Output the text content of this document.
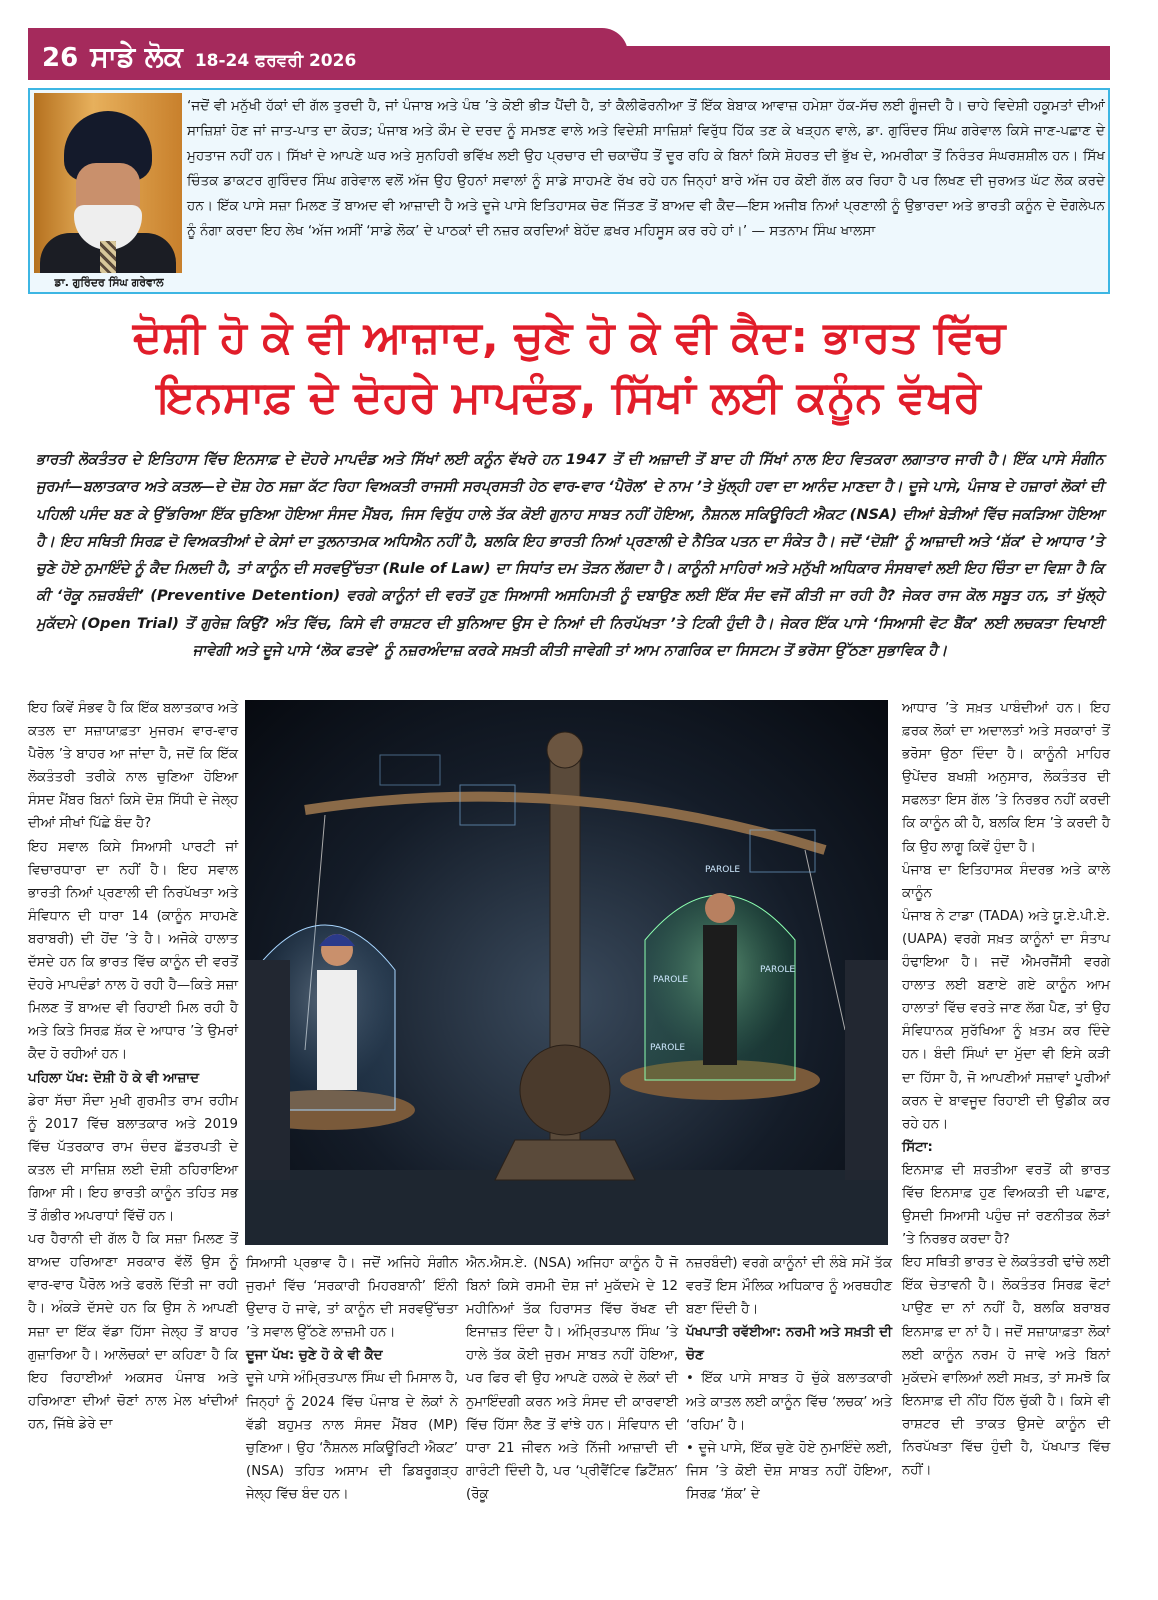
26 ਸਾਡੇ ਲੋਕ 18-24 ਫਰਵਰੀ 2026
ਡਾ. ਗੁਰਿੰਦਰ ਸਿੰਘ ਗਰੇਵਾਲ
‘ਜਦੋਂ ਵੀ ਮਨੁੱਖੀ ਹੱਕਾਂ ਦੀ ਗੱਲ ਤੁਰਦੀ ਹੈ, ਜਾਂ ਪੰਜਾਬ ਅਤੇ ਪੰਥ ’ਤੇ ਕੋਈ ਭੀੜ ਪੈਂਦੀ ਹੈ, ਤਾਂ ਕੈਲੀਫੋਰਨੀਆ ਤੋਂ ਇੱਕ ਬੇਬਾਕ ਆਵਾਜ਼ ਹਮੇਸ਼ਾ ਹੱਕ-ਸੱਚ ਲਈ ਗੂੰਜਦੀ ਹੈ। ਚਾਹੇ ਵਿਦੇਸ਼ੀ ਹਕੂਮਤਾਂ ਦੀਆਂ ਸਾਜ਼ਿਸ਼ਾਂ ਹੋਣ ਜਾਂ ਜਾਤ-ਪਾਤ ਦਾ ਕੋਹੜ; ਪੰਜਾਬ ਅਤੇ ਕੌਮ ਦੇ ਦਰਦ ਨੂੰ ਸਮਝਣ ਵਾਲੇ ਅਤੇ ਵਿਦੇਸ਼ੀ ਸਾਜ਼ਿਸ਼ਾਂ ਵਿਰੁੱਧ ਹਿੱਕ ਤਣ ਕੇ ਖੜ੍ਹਨ ਵਾਲੇ, ਡਾ. ਗੁਰਿੰਦਰ ਸਿੰਘ ਗਰੇਵਾਲ ਕਿਸੇ ਜਾਣ-ਪਛਾਣ ਦੇ ਮੁਹਤਾਜ ਨਹੀਂ ਹਨ। ਸਿੱਖਾਂ ਦੇ ਆਪਣੇ ਘਰ ਅਤੇ ਸੁਨਹਿਰੀ ਭਵਿੱਖ ਲਈ ਉਹ ਪ੍ਰਚਾਰ ਦੀ ਚਕਾਚੌਂਧ ਤੋਂ ਦੂਰ ਰਹਿ ਕੇ ਬਿਨਾਂ ਕਿਸੇ ਸ਼ੋਹਰਤ ਦੀ ਭੁੱਖ ਦੇ, ਅਮਰੀਕਾ ਤੋਂ ਨਿਰੰਤਰ ਸੰਘਰਸ਼ਸ਼ੀਲ ਹਨ। ਸਿੱਖ ਚਿੰਤਕ ਡਾਕਟਰ ਗੁਰਿੰਦਰ ਸਿੰਘ ਗਰੇਵਾਲ ਵਲੋਂ ਅੱਜ ਉਹ ਉਹਨਾਂ ਸਵਾਲਾਂ ਨੂੰ ਸਾਡੇ ਸਾਹਮਣੇ ਰੱਖ ਰਹੇ ਹਨ ਜਿਨ੍ਹਾਂ ਬਾਰੇ ਅੱਜ ਹਰ ਕੋਈ ਗੱਲ ਕਰ ਰਿਹਾ ਹੈ ਪਰ ਲਿਖਣ ਦੀ ਜੁਰਅਤ ਘੱਟ ਲੋਕ ਕਰਦੇ ਹਨ। ਇੱਕ ਪਾਸੇ ਸਜ਼ਾ ਮਿਲਣ ਤੋਂ ਬਾਅਦ ਵੀ ਆਜ਼ਾਦੀ ਹੈ ਅਤੇ ਦੂਜੇ ਪਾਸੇ ਇਤਿਹਾਸਕ ਚੋਣ ਜਿੱਤਣ ਤੋਂ ਬਾਅਦ ਵੀ ਕੈਦ—ਇਸ ਅਜੀਬ ਨਿਆਂ ਪ੍ਰਣਾਲੀ ਨੂੰ ਉਭਾਰਦਾ ਅਤੇ ਭਾਰਤੀ ਕਨੂੰਨ ਦੇ ਦੋਗਲੇਪਨ ਨੂੰ ਨੰਗਾ ਕਰਦਾ ਇਹ ਲੇਖ ‘ਅੱਜ ਅਸੀਂ ‘ਸਾਡੇ ਲੋਕ’ ਦੇ ਪਾਠਕਾਂ ਦੀ ਨਜ਼ਰ ਕਰਦਿਆਂ ਬੇਹੱਦ ਫ਼ਖਰ ਮਹਿਸੂਸ ਕਰ ਰਹੇ ਹਾਂ।’ — ਸਤਨਾਮ ਸਿੰਘ ਖਾਲਸਾ
ਦੋਸ਼ੀ ਹੋ ਕੇ ਵੀ ਆਜ਼ਾਦ, ਚੁਣੇ ਹੋ ਕੇ ਵੀ ਕੈਦ: ਭਾਰਤ ਵਿੱਚ
ਇਨਸਾਫ਼ ਦੇ ਦੋਹਰੇ ਮਾਪਦੰਡ, ਸਿੱਖਾਂ ਲਈ ਕਨੂੰਨ ਵੱਖਰੇ
ਭਾਰਤੀ ਲੋਕਤੰਤਰ ਦੇ ਇਤਿਹਾਸ ਵਿੱਚ ਇਨਸਾਫ਼ ਦੇ ਦੋਹਰੇ ਮਾਪਦੰਡ ਅਤੇ ਸਿੱਖਾਂ ਲਈ ਕਨੂੰਨ ਵੱਖਰੇ ਹਨ 1947 ਤੋਂ ਦੀ ਅਜ਼ਾਦੀ ਤੋਂ ਬਾਦ ਹੀ ਸਿੱਖਾਂ ਨਾਲ ਇਹ ਵਿਤਕਰਾ ਲਗਾਤਾਰ ਜਾਰੀ ਹੈ। ਇੱਕ ਪਾਸੇ ਸੰਗੀਨ ਜੁਰਮਾਂ—ਬਲਾਤਕਾਰ ਅਤੇ ਕਤਲ—ਦੇ ਦੋਸ਼ ਹੇਠ ਸਜ਼ਾ ਕੱਟ ਰਿਹਾ ਵਿਅਕਤੀ ਰਾਜਸੀ ਸਰਪ੍ਰਸਤੀ ਹੇਠ ਵਾਰ-ਵਾਰ ‘ਪੈਰੋਲ’ ਦੇ ਨਾਮ ’ਤੇ ਖੁੱਲ੍ਹੀ ਹਵਾ ਦਾ ਆਨੰਦ ਮਾਣਦਾ ਹੈ। ਦੂਜੇ ਪਾਸੇ, ਪੰਜਾਬ ਦੇ ਹਜ਼ਾਰਾਂ ਲੋਕਾਂ ਦੀ ਪਹਿਲੀ ਪਸੰਦ ਬਣ ਕੇ ਉੱਭਰਿਆ ਇੱਕ ਚੁਣਿਆ ਹੋਇਆ ਸੰਸਦ ਮੈਂਬਰ, ਜਿਸ ਵਿਰੁੱਧ ਹਾਲੇ ਤੱਕ ਕੋਈ ਗੁਨਾਹ ਸਾਬਤ ਨਹੀਂ ਹੋਇਆ, ਨੈਸ਼ਨਲ ਸਕਿਊਰਿਟੀ ਐਕਟ (NSA) ਦੀਆਂ ਬੇੜੀਆਂ ਵਿੱਚ ਜਕੜਿਆ ਹੋਇਆ ਹੈ। ਇਹ ਸਥਿਤੀ ਸਿਰਫ਼ ਦੋ ਵਿਅਕਤੀਆਂ ਦੇ ਕੇਸਾਂ ਦਾ ਤੁਲਨਾਤਮਕ ਅਧਿਐਨ ਨਹੀਂ ਹੈ, ਬਲਕਿ ਇਹ ਭਾਰਤੀ ਨਿਆਂ ਪ੍ਰਣਾਲੀ ਦੇ ਨੈਤਿਕ ਪਤਨ ਦਾ ਸੰਕੇਤ ਹੈ। ਜਦੋਂ ‘ਦੋਸ਼ੀ’ ਨੂੰ ਆਜ਼ਾਦੀ ਅਤੇ ‘ਸ਼ੱਕ’ ਦੇ ਆਧਾਰ ’ਤੇ ਚੁਣੇ ਹੋਏ ਨੁਮਾਇੰਦੇ ਨੂੰ ਕੈਦ ਮਿਲਦੀ ਹੈ, ਤਾਂ ਕਾਨੂੰਨ ਦੀ ਸਰਵਉੱਚਤਾ (Rule of Law) ਦਾ ਸਿਧਾਂਤ ਦਮ ਤੋੜਨ ਲੱਗਦਾ ਹੈ। ਕਾਨੂੰਨੀ ਮਾਹਿਰਾਂ ਅਤੇ ਮਨੁੱਖੀ ਅਧਿਕਾਰ ਸੰਸਥਾਵਾਂ ਲਈ ਇਹ ਚਿੰਤਾ ਦਾ ਵਿਸ਼ਾ ਹੈ ਕਿ ਕੀ ‘ਰੋਕੂ ਨਜ਼ਰਬੰਦੀ’ (Preventive Detention) ਵਰਗੇ ਕਾਨੂੰਨਾਂ ਦੀ ਵਰਤੋਂ ਹੁਣ ਸਿਆਸੀ ਅਸਹਿਮਤੀ ਨੂੰ ਦਬਾਉਣ ਲਈ ਇੱਕ ਸੰਦ ਵਜੋਂ ਕੀਤੀ ਜਾ ਰਹੀ ਹੈ? ਜੇਕਰ ਰਾਜ ਕੋਲ ਸਬੂਤ ਹਨ, ਤਾਂ ਖੁੱਲ੍ਹੇ ਮੁਕੱਦਮੇ (Open Trial) ਤੋਂ ਗੁਰੇਜ਼ ਕਿਉਂ? ਅੰਤ ਵਿੱਚ, ਕਿਸੇ ਵੀ ਰਾਸ਼ਟਰ ਦੀ ਬੁਨਿਆਦ ਉਸ ਦੇ ਨਿਆਂ ਦੀ ਨਿਰਪੱਖਤਾ ’ਤੇ ਟਿਕੀ ਹੁੰਦੀ ਹੈ। ਜੇਕਰ ਇੱਕ ਪਾਸੇ ‘ਸਿਆਸੀ ਵੋਟ ਬੈਂਕ’ ਲਈ ਲਚਕਤਾ ਦਿਖਾਈ ਜਾਵੇਗੀ ਅਤੇ ਦੂਜੇ ਪਾਸੇ ‘ਲੋਕ ਫਤਵੇ’ ਨੂੰ ਨਜ਼ਰਅੰਦਾਜ਼ ਕਰਕੇ ਸਖ਼ਤੀ ਕੀਤੀ ਜਾਵੇਗੀ ਤਾਂ ਆਮ ਨਾਗਰਿਕ ਦਾ ਸਿਸਟਮ ਤੋਂ ਭਰੋਸਾ ਉੱਠਣਾ ਸੁਭਾਵਿਕ ਹੈ।

ਇਹ ਕਿਵੇਂ ਸੰਭਵ ਹੈ ਕਿ ਇੱਕ ਬਲਾਤਕਾਰ ਅਤੇ ਕਤਲ ਦਾ ਸਜ਼ਾਯਾਫ਼ਤਾ ਮੁਜਰਮ ਵਾਰ-ਵਾਰ ਪੈਰੋਲ ’ਤੇ ਬਾਹਰ ਆ ਜਾਂਦਾ ਹੈ, ਜਦੋਂ ਕਿ ਇੱਕ ਲੋਕਤੰਤਰੀ ਤਰੀਕੇ ਨਾਲ ਚੁਣਿਆ ਹੋਇਆ ਸੰਸਦ ਮੈਂਬਰ ਬਿਨਾਂ ਕਿਸੇ ਦੋਸ਼ ਸਿੱਧੀ ਦੇ ਜੇਲ੍ਹ ਦੀਆਂ ਸੀਖਾਂ ਪਿੱਛੇ ਬੰਦ ਹੈ?

ਇਹ ਸਵਾਲ ਕਿਸੇ ਸਿਆਸੀ ਪਾਰਟੀ ਜਾਂ ਵਿਚਾਰਧਾਰਾ ਦਾ ਨਹੀਂ ਹੈ। ਇਹ ਸਵਾਲ ਭਾਰਤੀ ਨਿਆਂ ਪ੍ਰਣਾਲੀ ਦੀ ਨਿਰਪੱਖਤਾ ਅਤੇ ਸੰਵਿਧਾਨ ਦੀ ਧਾਰਾ 14 (ਕਾਨੂੰਨ ਸਾਹਮਣੇ ਬਰਾਬਰੀ) ਦੀ ਹੋਂਦ ’ਤੇ ਹੈ। ਅਜੋਕੇ ਹਾਲਾਤ ਦੱਸਦੇ ਹਨ ਕਿ ਭਾਰਤ ਵਿੱਚ ਕਾਨੂੰਨ ਦੀ ਵਰਤੋਂ ਦੋਹਰੇ ਮਾਪਦੰਡਾਂ ਨਾਲ ਹੋ ਰਹੀ ਹੈ—ਕਿਤੇ ਸਜ਼ਾ ਮਿਲਣ ਤੋਂ ਬਾਅਦ ਵੀ ਰਿਹਾਈ ਮਿਲ ਰਹੀ ਹੈ ਅਤੇ ਕਿਤੇ ਸਿਰਫ਼ ਸ਼ੱਕ ਦੇ ਆਧਾਰ ’ਤੇ ਉਮਰਾਂ ਕੈਦ ਹੋ ਰਹੀਆਂ ਹਨ।

ਪਹਿਲਾ ਪੱਖ: ਦੋਸ਼ੀ ਹੋ ਕੇ ਵੀ ਆਜ਼ਾਦ
ਡੇਰਾ ਸੱਚਾ ਸੌਦਾ ਮੁਖੀ ਗੁਰਮੀਤ ਰਾਮ ਰਹੀਮ ਨੂੰ 2017 ਵਿੱਚ ਬਲਾਤਕਾਰ ਅਤੇ 2019 ਵਿੱਚ ਪੱਤਰਕਾਰ ਰਾਮ ਚੰਦਰ ਛੱਤਰਪਤੀ ਦੇ ਕਤਲ ਦੀ ਸਾਜ਼ਿਸ਼ ਲਈ ਦੋਸ਼ੀ ਠਹਿਰਾਇਆ ਗਿਆ ਸੀ। ਇਹ ਭਾਰਤੀ ਕਾਨੂੰਨ ਤਹਿਤ ਸਭ ਤੋਂ ਗੰਭੀਰ ਅਪਰਾਧਾਂ ਵਿੱਚੋਂ ਹਨ।

ਪਰ ਹੈਰਾਨੀ ਦੀ ਗੱਲ ਹੈ ਕਿ ਸਜ਼ਾ ਮਿਲਣ ਤੋਂ ਬਾਅਦ ਹਰਿਆਣਾ ਸਰਕਾਰ ਵੱਲੋਂ ਉਸ ਨੂੰ ਵਾਰ-ਵਾਰ ਪੈਰੋਲ ਅਤੇ ਫਰਲੋ ਦਿੱਤੀ ਜਾ ਰਹੀ ਹੈ। ਅੰਕੜੇ ਦੱਸਦੇ ਹਨ ਕਿ ਉਸ ਨੇ ਆਪਣੀ ਸਜ਼ਾ ਦਾ ਇੱਕ ਵੱਡਾ ਹਿੱਸਾ ਜੇਲ੍ਹ ਤੋਂ ਬਾਹਰ ਗੁਜ਼ਾਰਿਆ ਹੈ। ਆਲੋਚਕਾਂ ਦਾ ਕਹਿਣਾ ਹੈ ਕਿ ਇਹ ਰਿਹਾਈਆਂ ਅਕਸਰ ਪੰਜਾਬ ਅਤੇ ਹਰਿਆਣਾ ਦੀਆਂ ਚੋਣਾਂ ਨਾਲ ਮੇਲ ਖਾਂਦੀਆਂ ਹਨ, ਜਿੱਥੇ ਡੇਰੇ ਦਾ

ਸਿਆਸੀ ਪ੍ਰਭਾਵ ਹੈ। ਜਦੋਂ ਅਜਿਹੇ ਸੰਗੀਨ ਜੁਰਮਾਂ ਵਿੱਚ ‘ਸਰਕਾਰੀ ਮਿਹਰਬਾਨੀ’ ਇੰਨੀ ਉਦਾਰ ਹੋ ਜਾਵੇ, ਤਾਂ ਕਾਨੂੰਨ ਦੀ ਸਰਵਉੱਚਤਾ ’ਤੇ ਸਵਾਲ ਉੱਠਣੇ ਲਾਜ਼ਮੀ ਹਨ।

ਦੂਜਾ ਪੱਖ: ਚੁਣੇ ਹੋ ਕੇ ਵੀ ਕੈਦ
ਦੂਜੇ ਪਾਸੇ ਅੰਮ੍ਰਿਤਪਾਲ ਸਿੰਘ ਦੀ ਮਿਸਾਲ ਹੈ, ਜਿਨ੍ਹਾਂ ਨੂੰ 2024 ਵਿੱਚ ਪੰਜਾਬ ਦੇ ਲੋਕਾਂ ਨੇ ਵੱਡੀ ਬਹੁਮਤ ਨਾਲ ਸੰਸਦ ਮੈਂਬਰ (MP) ਚੁਣਿਆ। ਉਹ ‘ਨੈਸ਼ਨਲ ਸਕਿਊਰਿਟੀ ਐਕਟ’ (NSA) ਤਹਿਤ ਅਸਾਮ ਦੀ ਡਿਬਰੂਗੜ੍ਹ ਜੇਲ੍ਹ ਵਿੱਚ ਬੰਦ ਹਨ।

ਐਨ.ਐਸ.ਏ. (NSA) ਅਜਿਹਾ ਕਾਨੂੰਨ ਹੈ ਜੋ ਬਿਨਾਂ ਕਿਸੇ ਰਸਮੀ ਦੋਸ਼ ਜਾਂ ਮੁਕੱਦਮੇ ਦੇ 12 ਮਹੀਨਿਆਂ ਤੱਕ ਹਿਰਾਸਤ ਵਿੱਚ ਰੱਖਣ ਦੀ ਇਜਾਜ਼ਤ ਦਿੰਦਾ ਹੈ। ਅੰਮ੍ਰਿਤਪਾਲ ਸਿੰਘ ’ਤੇ ਹਾਲੇ ਤੱਕ ਕੋਈ ਜੁਰਮ ਸਾਬਤ ਨਹੀਂ ਹੋਇਆ, ਪਰ ਫਿਰ ਵੀ ਉਹ ਆਪਣੇ ਹਲਕੇ ਦੇ ਲੋਕਾਂ ਦੀ ਨੁਮਾਇੰਦਗੀ ਕਰਨ ਅਤੇ ਸੰਸਦ ਦੀ ਕਾਰਵਾਈ ਵਿੱਚ ਹਿੱਸਾ ਲੈਣ ਤੋਂ ਵਾਂਝੇ ਹਨ। ਸੰਵਿਧਾਨ ਦੀ ਧਾਰਾ 21 ਜੀਵਨ ਅਤੇ ਨਿੱਜੀ ਆਜ਼ਾਦੀ ਦੀ ਗਾਰੰਟੀ ਦਿੰਦੀ ਹੈ, ਪਰ ‘ਪ੍ਰੀਵੈਂਟਿਵ ਡਿਟੈਂਸ਼ਨ’ (ਰੋਕੂ

ਨਜ਼ਰਬੰਦੀ) ਵਰਗੇ ਕਾਨੂੰਨਾਂ ਦੀ ਲੰਬੇ ਸਮੇਂ ਤੱਕ ਵਰਤੋਂ ਇਸ ਮੌਲਿਕ ਅਧਿਕਾਰ ਨੂੰ ਅਰਥਹੀਣ ਬਣਾ ਦਿੰਦੀ ਹੈ।

ਪੱਖਪਾਤੀ ਰਵੱਈਆ: ਨਰਮੀ ਅਤੇ ਸਖ਼ਤੀ ਦੀ ਚੋਣ

• ਇੱਕ ਪਾਸੇ ਸਾਬਤ ਹੋ ਚੁੱਕੇ ਬਲਾਤਕਾਰੀ ਅਤੇ ਕਾਤਲ ਲਈ ਕਾਨੂੰਨ ਵਿੱਚ ‘ਲਚਕ’ ਅਤੇ ‘ਰਹਿਮ’ ਹੈ।

• ਦੂਜੇ ਪਾਸੇ, ਇੱਕ ਚੁਣੇ ਹੋਏ ਨੁਮਾਇੰਦੇ ਲਈ, ਜਿਸ ’ਤੇ ਕੋਈ ਦੋਸ਼ ਸਾਬਤ ਨਹੀਂ ਹੋਇਆ, ਸਿਰਫ਼ ‘ਸ਼ੱਕ’ ਦੇ

ਆਧਾਰ ’ਤੇ ਸਖ਼ਤ ਪਾਬੰਦੀਆਂ ਹਨ। ਇਹ ਫ਼ਰਕ ਲੋਕਾਂ ਦਾ ਅਦਾਲਤਾਂ ਅਤੇ ਸਰਕਾਰਾਂ ਤੋਂ ਭਰੋਸਾ ਉਠਾ ਦਿੰਦਾ ਹੈ। ਕਾਨੂੰਨੀ ਮਾਹਿਰ ਉਪੇਂਦਰ ਬਖਸ਼ੀ ਅਨੁਸਾਰ, ਲੋਕਤੰਤਰ ਦੀ ਸਫਲਤਾ ਇਸ ਗੱਲ ’ਤੇ ਨਿਰਭਰ ਨਹੀਂ ਕਰਦੀ ਕਿ ਕਾਨੂੰਨ ਕੀ ਹੈ, ਬਲਕਿ ਇਸ ’ਤੇ ਕਰਦੀ ਹੈ ਕਿ ਉਹ ਲਾਗੂ ਕਿਵੇਂ ਹੁੰਦਾ ਹੈ।

ਪੰਜਾਬ ਦਾ ਇਤਿਹਾਸਕ ਸੰਦਰਭ ਅਤੇ ਕਾਲੇ ਕਾਨੂੰਨ

ਪੰਜਾਬ ਨੇ ਟਾਡਾ (TADA) ਅਤੇ ਯੂ.ਏ.ਪੀ.ਏ. (UAPA) ਵਰਗੇ ਸਖ਼ਤ ਕਾਨੂੰਨਾਂ ਦਾ ਸੰਤਾਪ ਹੰਢਾਇਆ ਹੈ। ਜਦੋਂ ਐਮਰਜੈਂਸੀ ਵਰਗੇ ਹਾਲਾਤ ਲਈ ਬਣਾਏ ਗਏ ਕਾਨੂੰਨ ਆਮ ਹਾਲਾਤਾਂ ਵਿੱਚ ਵਰਤੇ ਜਾਣ ਲੱਗ ਪੈਣ, ਤਾਂ ਉਹ ਸੰਵਿਧਾਨਕ ਸੁਰੱਖਿਆ ਨੂੰ ਖ਼ਤਮ ਕਰ ਦਿੰਦੇ ਹਨ। ਬੰਦੀ ਸਿੰਘਾਂ ਦਾ ਮੁੱਦਾ ਵੀ ਇਸੇ ਕੜੀ ਦਾ ਹਿੱਸਾ ਹੈ, ਜੋ ਆਪਣੀਆਂ ਸਜ਼ਾਵਾਂ ਪੂਰੀਆਂ ਕਰਨ ਦੇ ਬਾਵਜੂਦ ਰਿਹਾਈ ਦੀ ਉਡੀਕ ਕਰ ਰਹੇ ਹਨ।

ਸਿੱਟਾ:
ਇਨਸਾਫ਼ ਦੀ ਸ਼ਰਤੀਆ ਵਰਤੋਂ ਕੀ ਭਾਰਤ ਵਿੱਚ ਇਨਸਾਫ਼ ਹੁਣ ਵਿਅਕਤੀ ਦੀ ਪਛਾਣ, ਉਸਦੀ ਸਿਆਸੀ ਪਹੁੰਚ ਜਾਂ ਰਣਨੀਤਕ ਲੋੜਾਂ ’ਤੇ ਨਿਰਭਰ ਕਰਦਾ ਹੈ?

ਇਹ ਸਥਿਤੀ ਭਾਰਤ ਦੇ ਲੋਕਤੰਤਰੀ ਢਾਂਚੇ ਲਈ ਇੱਕ ਚੇਤਾਵਨੀ ਹੈ। ਲੋਕਤੰਤਰ ਸਿਰਫ਼ ਵੋਟਾਂ ਪਾਉਣ ਦਾ ਨਾਂ ਨਹੀਂ ਹੈ, ਬਲਕਿ ਬਰਾਬਰ ਇਨਸਾਫ਼ ਦਾ ਨਾਂ ਹੈ। ਜਦੋਂ ਸਜ਼ਾਯਾਫ਼ਤਾ ਲੋਕਾਂ ਲਈ ਕਾਨੂੰਨ ਨਰਮ ਹੋ ਜਾਵੇ ਅਤੇ ਬਿਨਾਂ ਮੁਕੱਦਮੇ ਵਾਲਿਆਂ ਲਈ ਸਖ਼ਤ, ਤਾਂ ਸਮਝੋ ਕਿ ਇਨਸਾਫ਼ ਦੀ ਨੀਂਹ ਹਿੱਲ ਚੁੱਕੀ ਹੈ। ਕਿਸੇ ਵੀ ਰਾਸ਼ਟਰ ਦੀ ਤਾਕਤ ਉਸਦੇ ਕਾਨੂੰਨ ਦੀ ਨਿਰਪੱਖਤਾ ਵਿੱਚ ਹੁੰਦੀ ਹੈ, ਪੱਖਪਾਤ ਵਿੱਚ ਨਹੀਂ।

PAROLE
PAROLE
PAROLE
PAROLE
